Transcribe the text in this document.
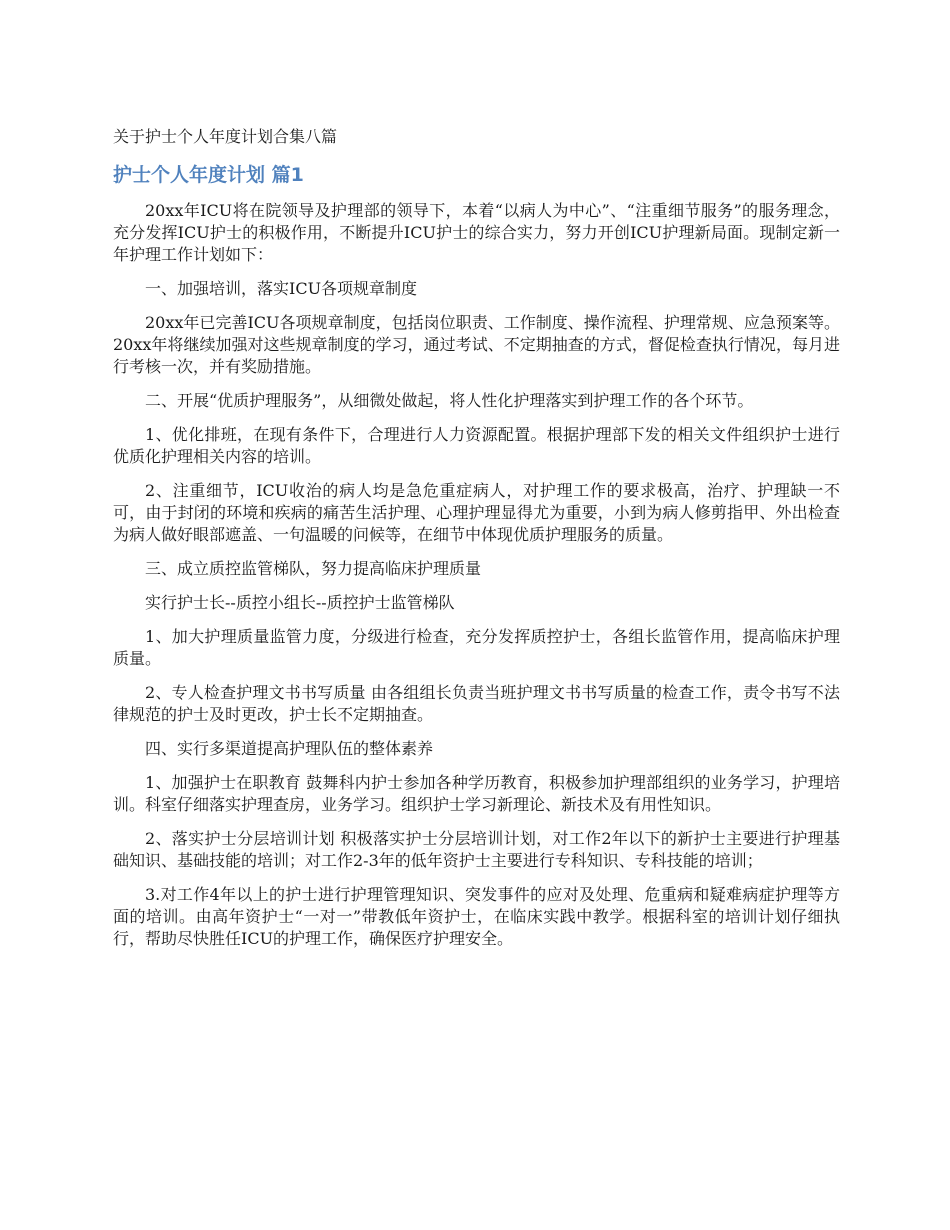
关于护士个人年度计划合集八篇
护士个人年度计划 篇1

20xx年ICU将在院领导及护理部的领导下，本着“以病人为中心”、“注重细节服务”的服务理念，充分发挥ICU护士的积极作用，不断提升ICU护士的综合实力，努力开创ICU护理新局面。现制定新一年护理工作计划如下：

一、加强培训，落实ICU各项规章制度

20xx年已完善ICU各项规章制度，包括岗位职责、工作制度、操作流程、护理常规、应急预案等。20xx年将继续加强对这些规章制度的学习，通过考试、不定期抽查的方式，督促检查执行情况，每月进行考核一次，并有奖励措施。

二、开展“优质护理服务”，从细微处做起，将人性化护理落实到护理工作的各个环节。

1、优化排班，在现有条件下，合理进行人力资源配置。根据护理部下发的相关文件组织护士进行优质化护理相关内容的培训。

2、注重细节，ICU收治的病人均是急危重症病人，对护理工作的要求极高，治疗、护理缺一不可，由于封闭的环境和疾病的痛苦生活护理、心理护理显得尤为重要，小到为病人修剪指甲、外出检查为病人做好眼部遮盖、一句温暖的问候等，在细节中体现优质护理服务的质量。

三、成立质控监管梯队，努力提高临床护理质量

实行护士长--质控小组长--质控护士监管梯队

1、加大护理质量监管力度，分级进行检查，充分发挥质控护士，各组长监管作用，提高临床护理质量。

2、专人检查护理文书书写质量 由各组组长负责当班护理文书书写质量的检查工作，责令书写不法律规范的护士及时更改，护士长不定期抽查。

四、实行多渠道提高护理队伍的整体素养

1、加强护士在职教育 鼓舞科内护士参加各种学历教育，积极参加护理部组织的业务学习，护理培训。科室仔细落实护理查房，业务学习。组织护士学习新理论、新技术及有用性知识。

2、落实护士分层培训计划 积极落实护士分层培训计划，对工作2年以下的新护士主要进行护理基础知识、基础技能的培训；对工作2-3年的低年资护士主要进行专科知识、专科技能的培训；

3.对工作4年以上的护士进行护理管理知识、突发事件的应对及处理、危重病和疑难病症护理等方面的培训。由高年资护士“一对一”带教低年资护士，在临床实践中教学。根据科室的培训计划仔细执行，帮助尽快胜任ICU的护理工作，确保医疗护理安全。
